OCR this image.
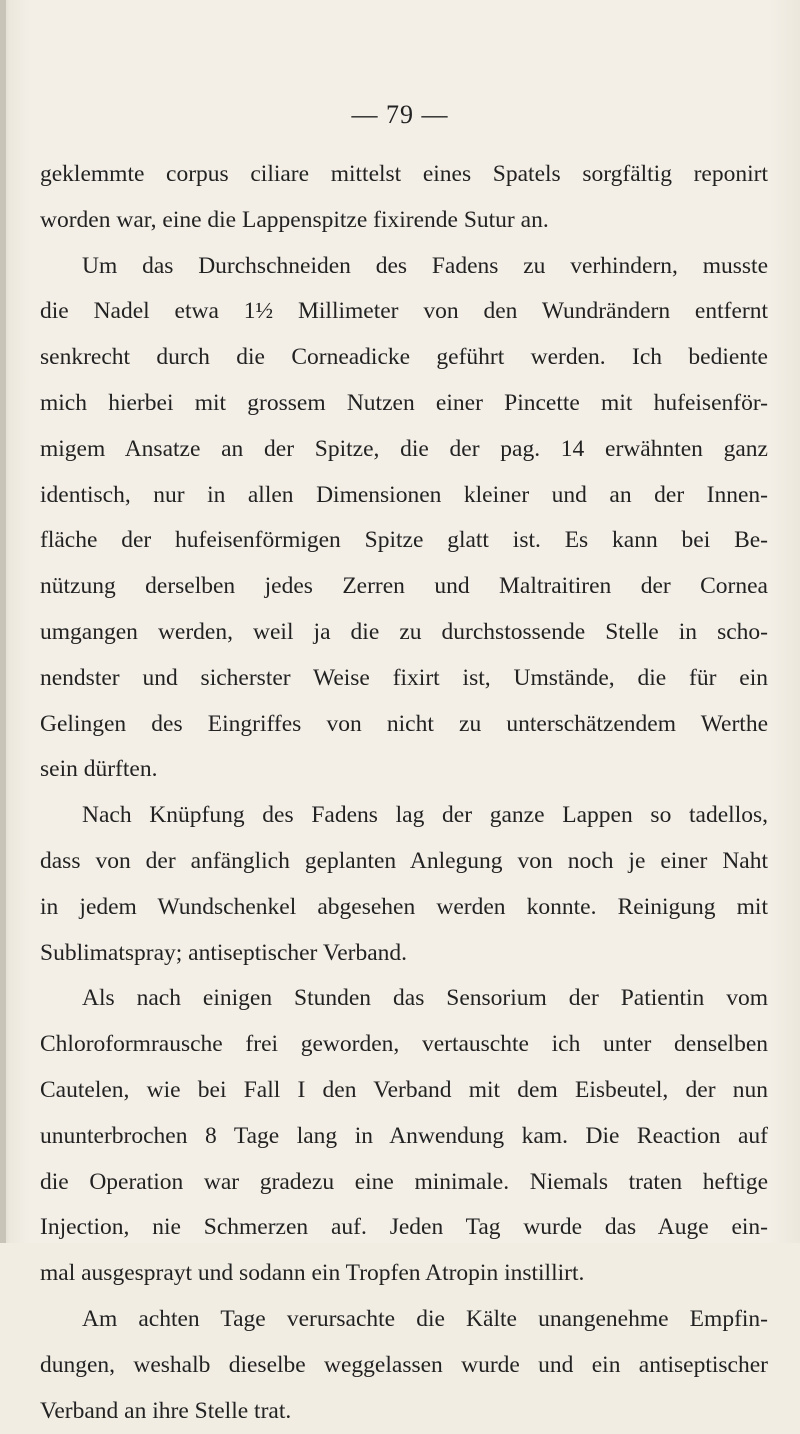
— 79 —
geklemmte corpus ciliare mittelst eines Spatels sorgfältig reponirt
worden war, eine die Lappenspitze fixirende Sutur an.
Um das Durchschneiden des Fadens zu verhindern, musste
die Nadel etwa 1½ Millimeter von den Wundrändern entfernt
senkrecht durch die Corneadicke geführt werden. Ich bediente
mich hierbei mit grossem Nutzen einer Pincette mit hufeisenför-
migem Ansatze an der Spitze, die der pag. 14 erwähnten ganz
identisch, nur in allen Dimensionen kleiner und an der Innen-
fläche der hufeisenförmigen Spitze glatt ist. Es kann bei Be-
nützung derselben jedes Zerren und Maltraitiren der Cornea
umgangen werden, weil ja die zu durchstossende Stelle in scho-
nendster und sicherster Weise fixirt ist, Umstände, die für ein
Gelingen des Eingriffes von nicht zu unterschätzendem Werthe
sein dürften.
Nach Knüpfung des Fadens lag der ganze Lappen so tadellos,
dass von der anfänglich geplanten Anlegung von noch je einer Naht
in jedem Wundschenkel abgesehen werden konnte. Reinigung mit
Sublimatspray; antiseptischer Verband.
Als nach einigen Stunden das Sensorium der Patientin vom
Chloroformrausche frei geworden, vertauschte ich unter denselben
Cautelen, wie bei Fall I den Verband mit dem Eisbeutel, der nun
ununterbrochen 8 Tage lang in Anwendung kam. Die Reaction auf
die Operation war gradezu eine minimale. Niemals traten heftige
Injection, nie Schmerzen auf. Jeden Tag wurde das Auge ein-
mal ausgesprayt und sodann ein Tropfen Atropin instillirt.
Am achten Tage verursachte die Kälte unangenehme Empfin-
dungen, weshalb dieselbe weggelassen wurde und ein antiseptischer
Verband an ihre Stelle trat.
